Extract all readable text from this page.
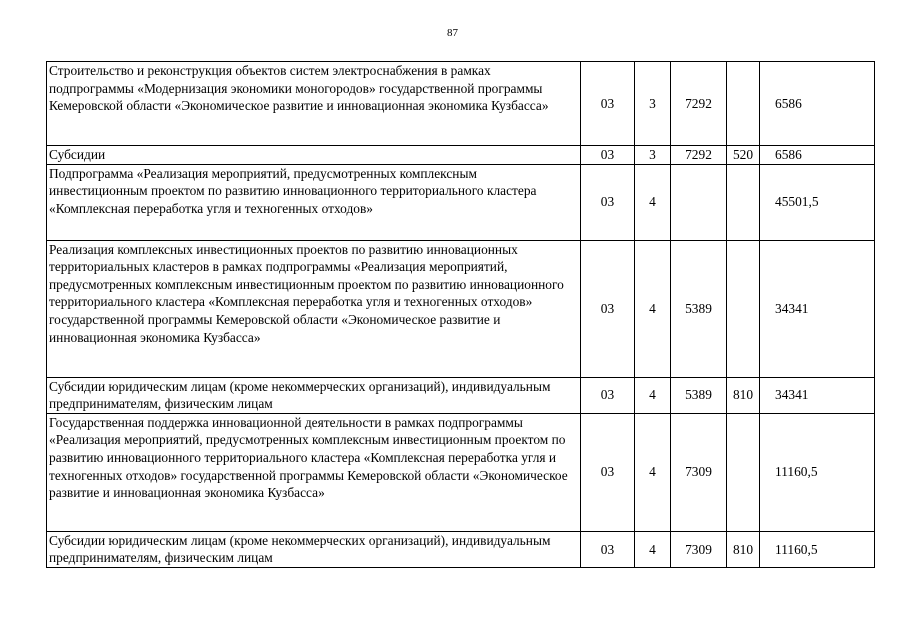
87
Строительство и реконструкция объектов систем электроснабжения в рамках подпрограммы «Модернизация экономики моногородов» государственной программы Кемеровской области «Экономическое развитие и инновационная экономика Кузбасса»	03	3	7292		6586
Субсидии	03	3	7292	520	6586
Подпрограмма «Реализация мероприятий, предусмотренных комплексным инвестиционным проектом по развитию инновационного территориального кластера «Комплексная переработка угля и техногенных отходов»	03	4			45501,5
Реализация комплексных инвестиционных проектов по развитию инновационных территориальных кластеров в рамках подпрограммы «Реализация мероприятий, предусмотренных комплексным инвестиционным проектом по развитию инновационного территориального кластера «Комплексная переработка угля и техногенных отходов» государственной программы Кемеровской области «Экономическое развитие и инновационная экономика Кузбасса»	03	4	5389		34341
Субсидии юридическим лицам (кроме некоммерческих организаций), индивидуальным предпринимателям, физическим лицам	03	4	5389	810	34341
Государственная поддержка инновационной деятельности в рамках подпрограммы «Реализация мероприятий, предусмотренных комплексным инвестиционным проектом по развитию инновационного территориального кластера «Комплексная переработка угля и техногенных отходов» государственной программы Кемеровской области «Экономическое развитие и инновационная экономика Кузбасса»	03	4	7309		11160,5
Субсидии юридическим лицам (кроме некоммерческих организаций), индивидуальным предпринимателям, физическим лицам	03	4	7309	810	11160,5
